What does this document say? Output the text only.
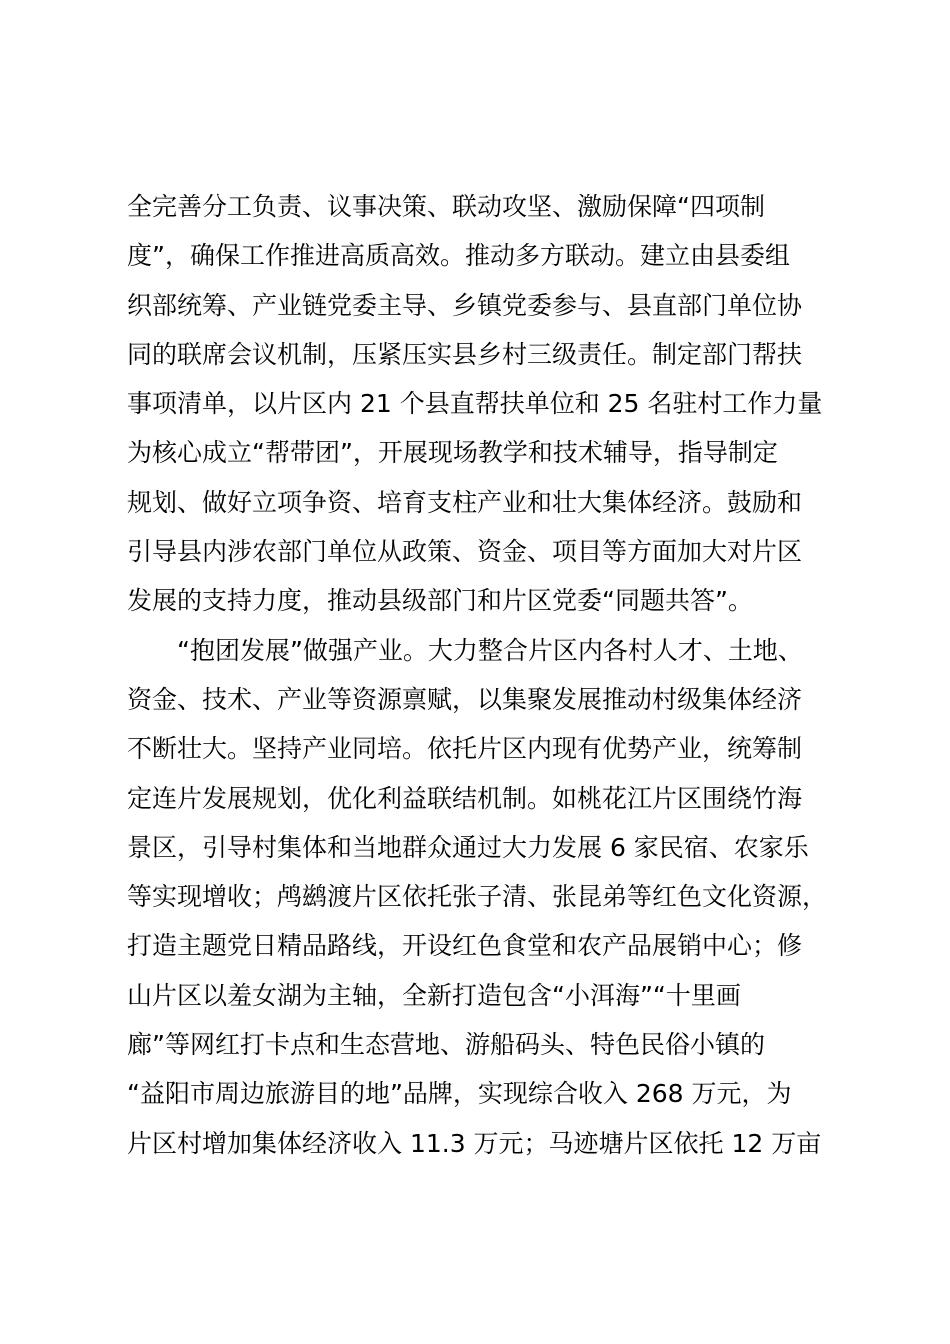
全完善分工负责、议事决策、联动攻坚、激励保障“四项制
度”，确保工作推进高质高效。推动多方联动。建立由县委组
织部统筹、产业链党委主导、乡镇党委参与、县直部门单位协
同的联席会议机制，压紧压实县乡村三级责任。制定部门帮扶
事项清单，以片区内 21 个县直帮扶单位和 25 名驻村工作力量
为核心成立“帮带团”，开展现场教学和技术辅导，指导制定
规划、做好立项争资、培育支柱产业和壮大集体经济。鼓励和
引导县内涉农部门单位从政策、资金、项目等方面加大对片区
发展的支持力度，推动县级部门和片区党委“同题共答”。
　　“抱团发展”做强产业。大力整合片区内各村人才、土地、
资金、技术、产业等资源禀赋，以集聚发展推动村级集体经济
不断壮大。坚持产业同培。依托片区内现有优势产业，统筹制
定连片发展规划，优化利益联结机制。如桃花江片区围绕竹海
景区，引导村集体和当地群众通过大力发展 6 家民宿、农家乐
等实现增收；鸬鹚渡片区依托张子清、张昆弟等红色文化资源，
打造主题党日精品路线，开设红色食堂和农产品展销中心；修
山片区以羞女湖为主轴，全新打造包含“小洱海”“十里画
廊”等网红打卡点和生态营地、游船码头、特色民俗小镇的
“益阳市周边旅游目的地”品牌，实现综合收入 268 万元，为
片区村增加集体经济收入 11.3 万元；马迹塘片区依托 12 万亩
